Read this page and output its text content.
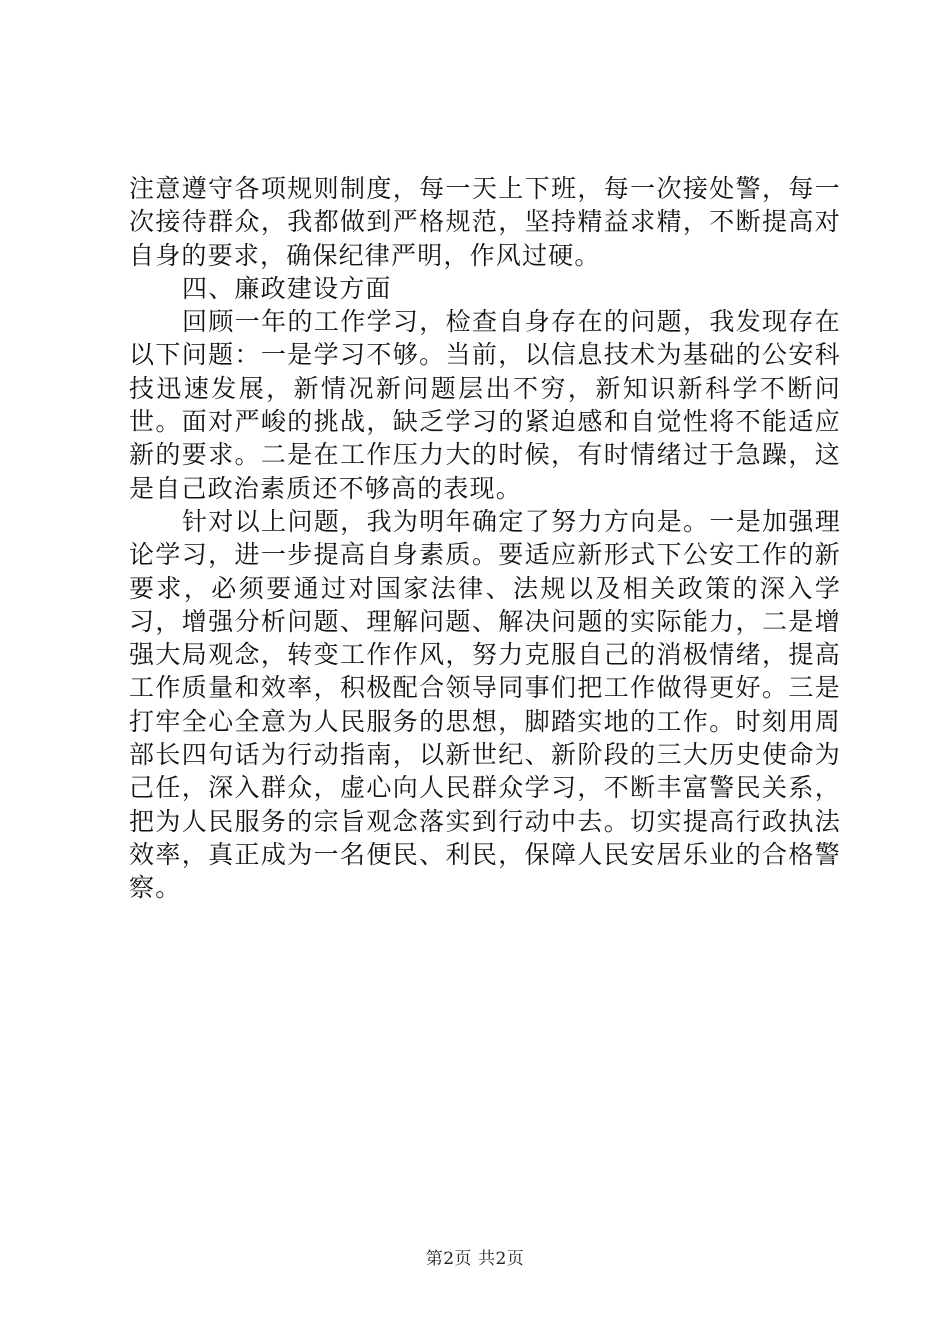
注意遵守各项规则制度，每一天上下班，每一次接处警，每一次接待群众，我都做到严格规范，坚持精益求精，不断提高对自身的要求，确保纪律严明，作风过硬。

四、廉政建设方面

回顾一年的工作学习，检查自身存在的问题，我发现存在以下问题：一是学习不够。当前，以信息技术为基础的公安科技迅速发展，新情况新问题层出不穷，新知识新科学不断问世。面对严峻的挑战，缺乏学习的紧迫感和自觉性将不能适应新的要求。二是在工作压力大的时候，有时情绪过于急躁，这是自己政治素质还不够高的表现。

针对以上问题，我为明年确定了努力方向是。一是加强理论学习，进一步提高自身素质。要适应新形式下公安工作的新要求，必须要通过对国家法律、法规以及相关政策的深入学习，增强分析问题、理解问题、解决问题的实际能力，二是增强大局观念，转变工作作风，努力克服自己的消极情绪，提高工作质量和效率，积极配合领导同事们把工作做得更好。三是打牢全心全意为人民服务的思想，脚踏实地的工作。时刻用周部长四句话为行动指南，以新世纪、新阶段的三大历史使命为己任，深入群众，虚心向人民群众学习，不断丰富警民关系，把为人民服务的宗旨观念落实到行动中去。切实提高行政执法效率，真正成为一名便民、利民，保障人民安居乐业的合格警察。

第2页 共2页
